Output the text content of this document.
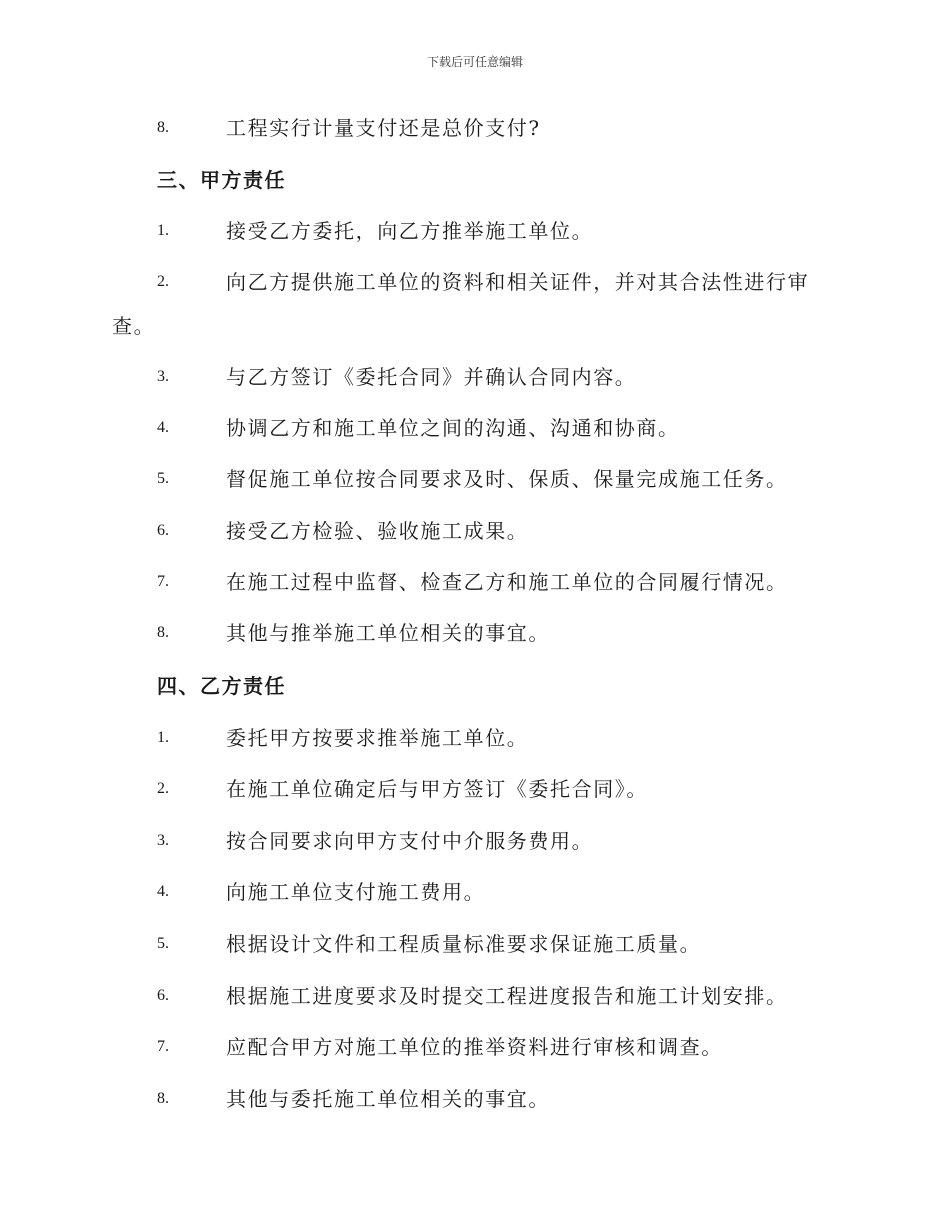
下载后可任意编辑
8.	工程实行计量支付还是总价支付?
三、甲方责任
1.	接受乙方委托，向乙方推举施工单位。
2.	向乙方提供施工单位的资料和相关证件，并对其合法性进行审
查。
3.	与乙方签订《委托合同》并确认合同内容。
4.	协调乙方和施工单位之间的沟通、沟通和协商。
5.	督促施工单位按合同要求及时、保质、保量完成施工任务。
6.	接受乙方检验、验收施工成果。
7.	在施工过程中监督、检查乙方和施工单位的合同履行情况。
8.	其他与推举施工单位相关的事宜。
四、乙方责任
1.	委托甲方按要求推举施工单位。
2.	在施工单位确定后与甲方签订《委托合同》。
3.	按合同要求向甲方支付中介服务费用。
4.	向施工单位支付施工费用。
5.	根据设计文件和工程质量标准要求保证施工质量。
6.	根据施工进度要求及时提交工程进度报告和施工计划安排。
7.	应配合甲方对施工单位的推举资料进行审核和调查。
8.	其他与委托施工单位相关的事宜。
